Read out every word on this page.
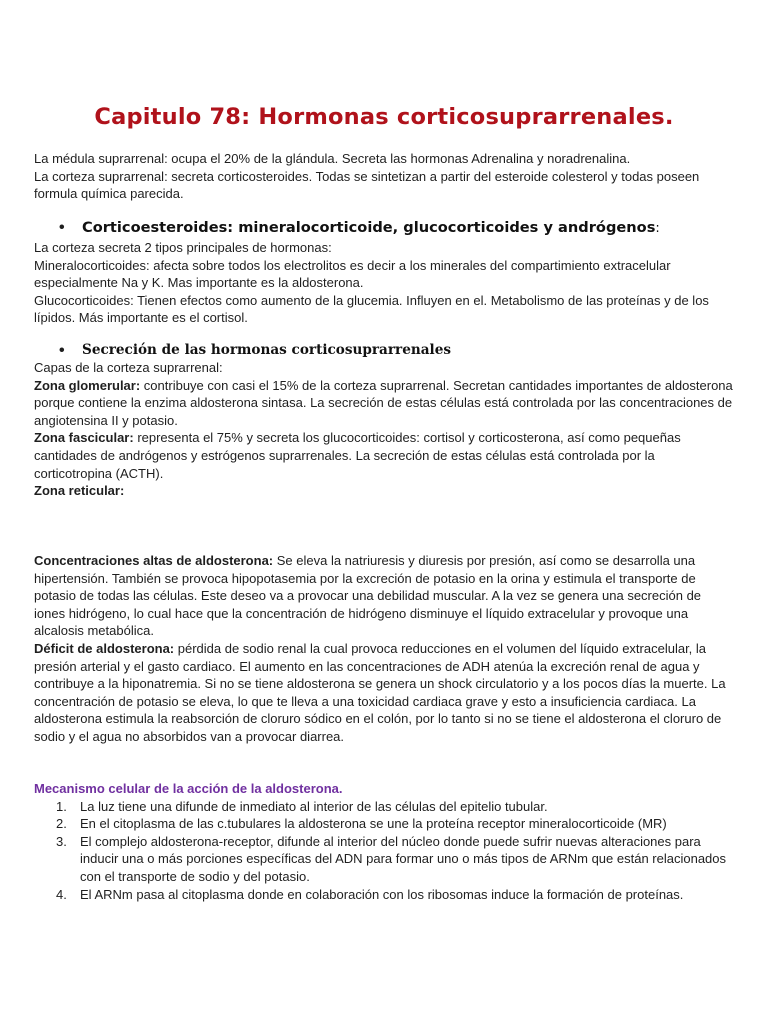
Capitulo 78: Hormonas corticosuprarrenales.

La médula suprarrenal: ocupa el 20% de la glándula. Secreta las hormonas Adrenalina y noradrenalina.

La corteza suprarrenal: secreta corticosteroides. Todas se sintetizan a partir del esteroide colesterol y todas poseen formula química parecida.

• Corticoesteroides: mineralocorticoide, glucocorticoides y andrógenos:

La corteza secreta 2 tipos principales de hormonas:

Mineralocorticoides: afecta sobre todos los electrolitos es decir a los minerales del compartimiento extracelular especialmente Na y K. Mas importante es la aldosterona.

Glucocorticoides: Tienen efectos como aumento de la glucemia. Influyen en el. Metabolismo de las proteínas y de los lípidos. Más importante es el cortisol.

• Secreción de las hormonas corticosuprarrenales

Capas de la corteza suprarrenal:

Zona glomerular: contribuye con casi el 15% de la corteza suprarrenal. Secretan cantidades importantes de aldosterona porque contiene la enzima aldosterona sintasa. La secreción de estas células está controlada por las concentraciones de angiotensina II y potasio.

Zona fascicular: representa el 75% y secreta los glucocorticoides: cortisol y corticosterona, así como pequeñas cantidades de andrógenos y estrógenos suprarrenales. La secreción de estas células está controlada por la corticotropina (ACTH).

Zona reticular:

Concentraciones altas de aldosterona: Se eleva la natriuresis y diuresis por presión, así como se desarrolla una hipertensión. También se provoca hipopotasemia por la excreción de potasio en la orina y estimula el transporte de potasio de todas las células. Este deseo va a provocar una debilidad muscular. A la vez se genera una secreción de iones hidrógeno, lo cual hace que la concentración de hidrógeno disminuye el líquido extracelular y provoque una alcalosis metabólica.

Déficit de aldosterona: pérdida de sodio renal la cual provoca reducciones en el volumen del líquido extracelular, la presión arterial y el gasto cardiaco. El aumento en las concentraciones de ADH atenúa la excreción renal de agua y contribuye a la hiponatremia. Si no se tiene aldosterona se genera un shock circulatorio y a los pocos días la muerte. La concentración de potasio se eleva, lo que te lleva a una toxicidad cardiaca grave y esto a insuficiencia cardiaca. La aldosterona estimula la reabsorción de cloruro sódico en el colón, por lo tanto si no se tiene el aldosterona el cloruro de sodio y el agua no absorbidos van a provocar diarrea.

Mecanismo celular de la acción de la aldosterona.

1. La luz tiene una difunde de inmediato al interior de las células del epitelio tubular.
2. En el citoplasma de las c.tubulares la aldosterona se une la proteína receptor mineralocorticoide (MR)
3. El complejo aldosterona-receptor, difunde al interior del núcleo donde puede sufrir nuevas alteraciones para inducir una o más porciones específicas del ADN para formar uno o más tipos de ARNm que están relacionados con el transporte de sodio y del potasio.
4. El ARNm pasa al citoplasma donde en colaboración con los ribosomas induce la formación de proteínas.
